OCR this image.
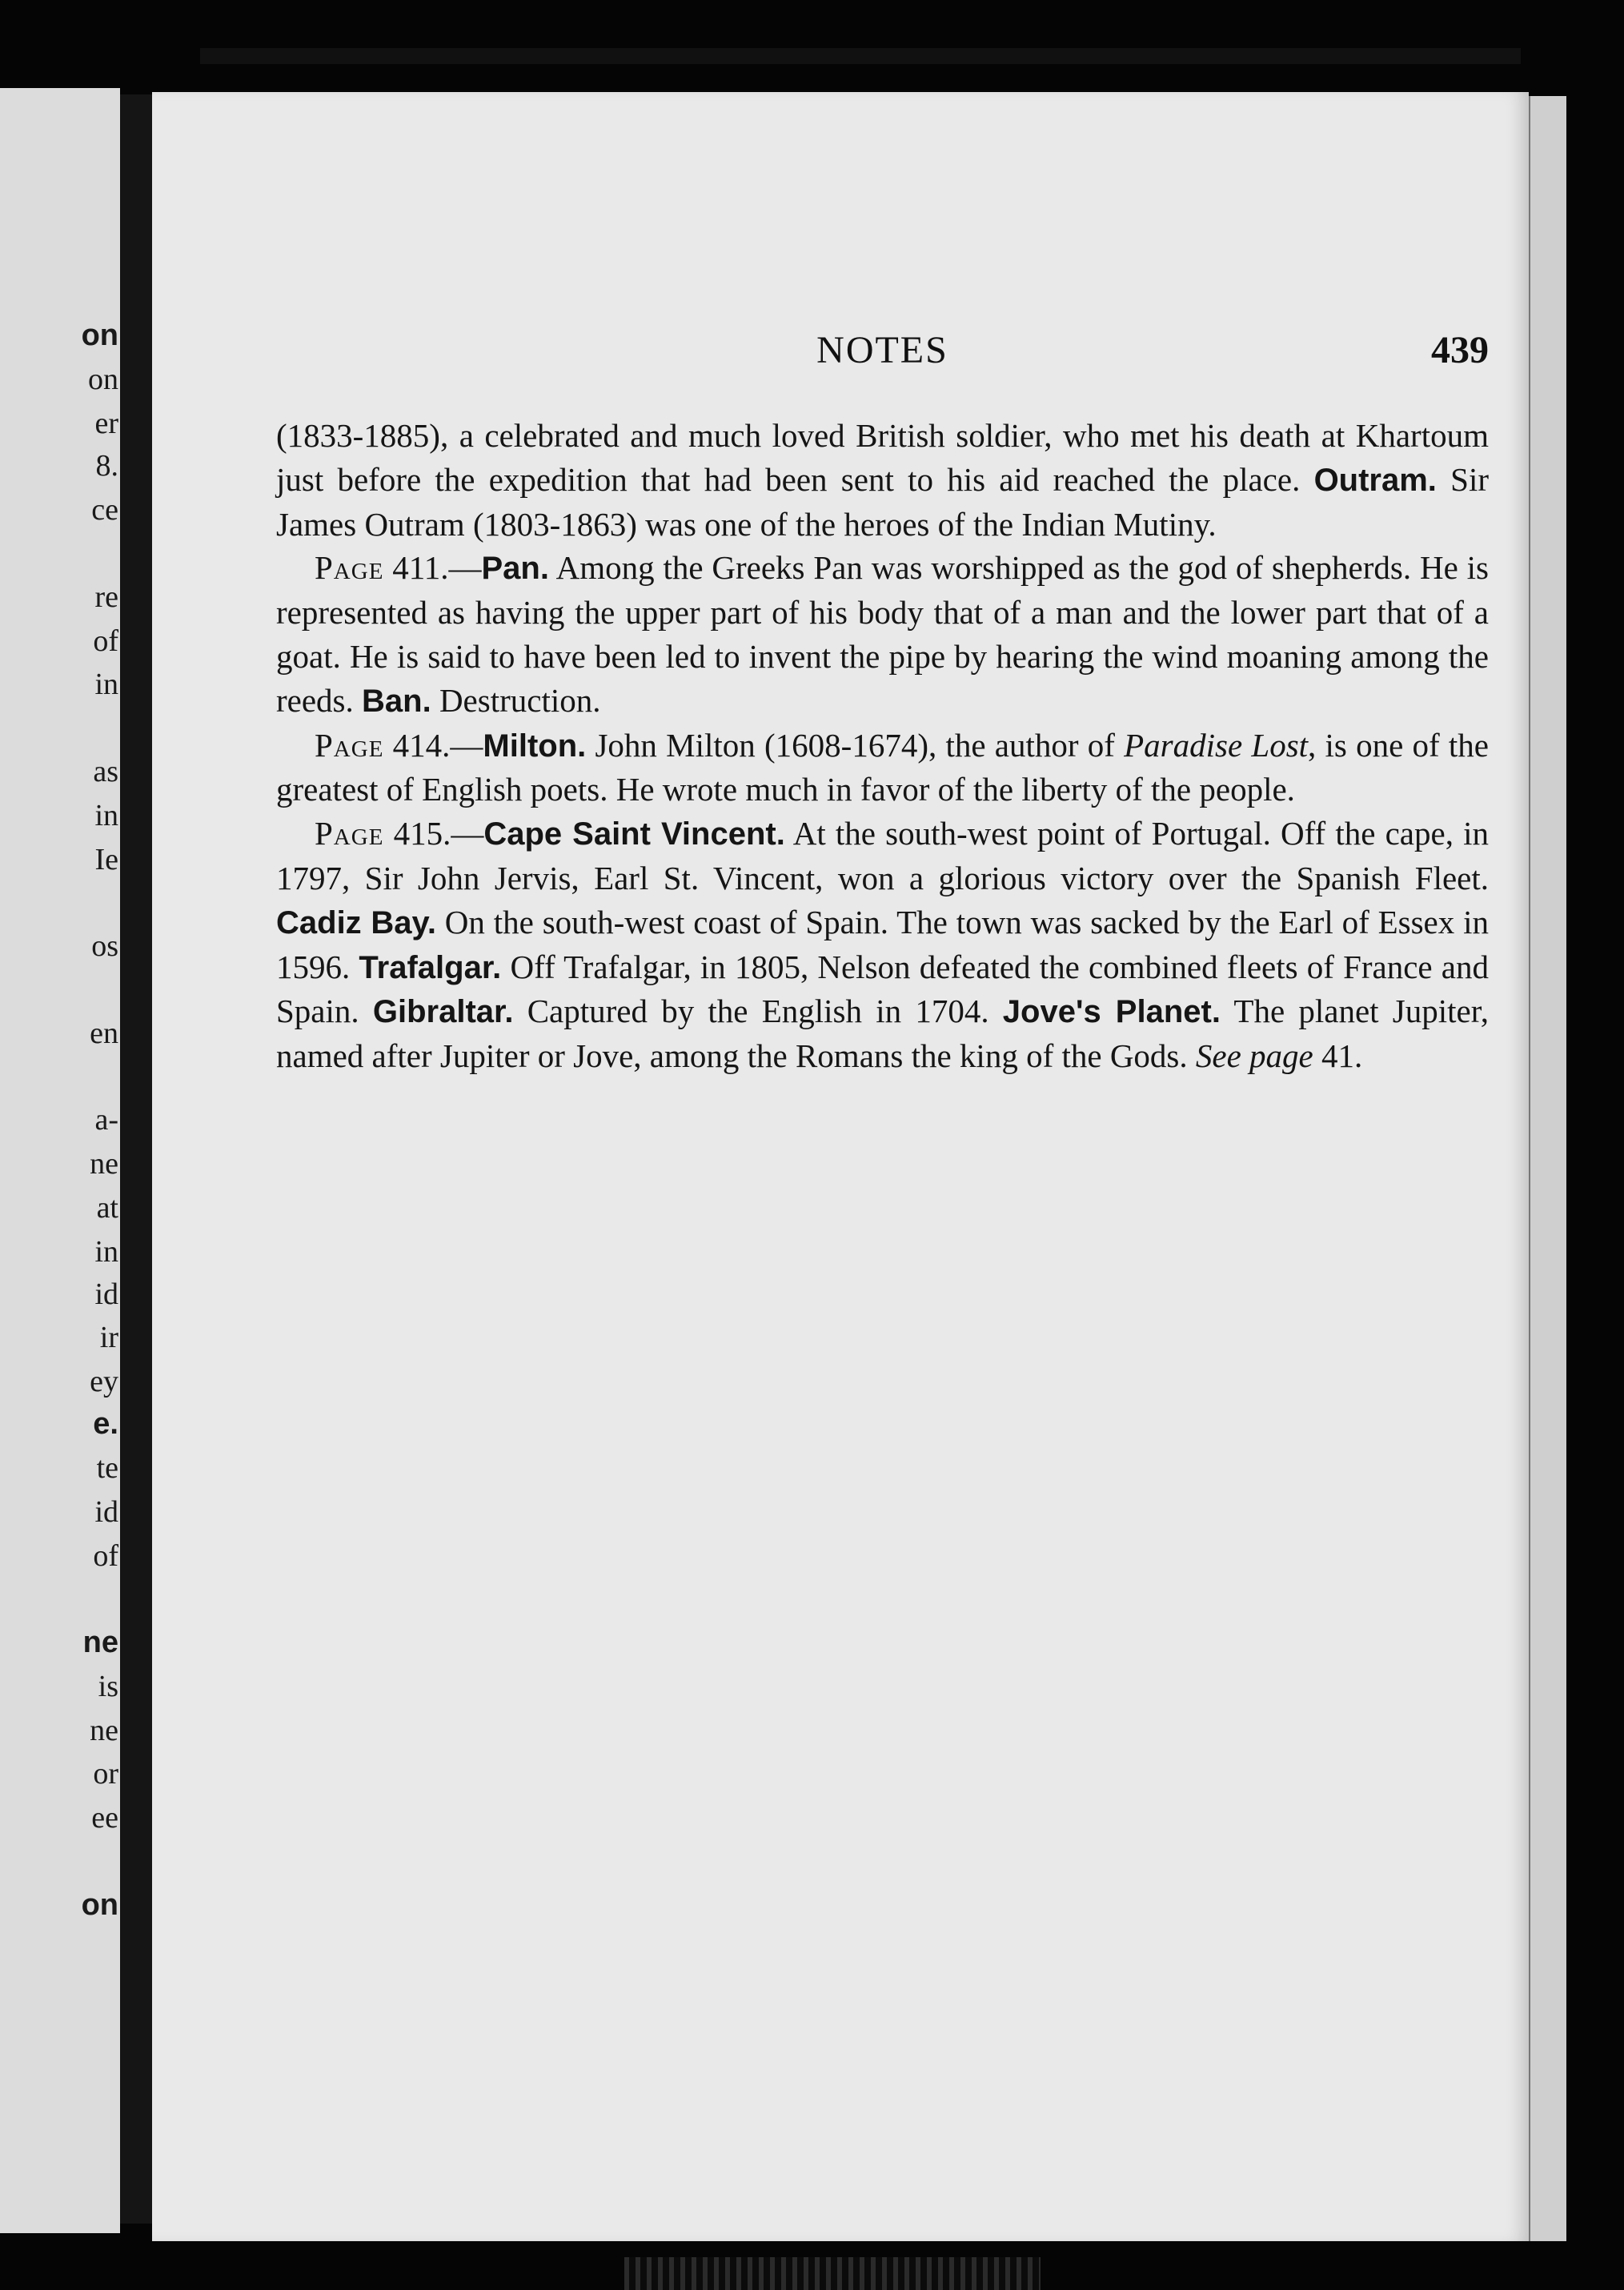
on
on
er
8.
ce
re
of
in
as
in
Ie
os
en
a-
ne
at
in
id
ir
ey
e.
te
id
of
ne
is
ne
or
ee
on
NOTES	439

(1833-1885), a celebrated and much loved British soldier, who met his death at Khartoum just before the expedition that had been sent to his aid reached the place. Outram. Sir James Outram (1803-1863) was one of the heroes of the Indian Mutiny.

Page 411.—Pan. Among the Greeks Pan was worshipped as the god of shepherds. He is represented as having the upper part of his body that of a man and the lower part that of a goat. He is said to have been led to invent the pipe by hearing the wind moaning among the reeds. Ban. Destruction.

Page 414.—Milton. John Milton (1608-1674), the author of Paradise Lost, is one of the greatest of English poets. He wrote much in favor of the liberty of the people.

Page 415.—Cape Saint Vincent. At the south-west point of Portugal. Off the cape, in 1797, Sir John Jervis, Earl St. Vincent, won a glorious victory over the Spanish Fleet. Cadiz Bay. On the south-west coast of Spain. The town was sacked by the Earl of Essex in 1596. Trafalgar. Off Trafalgar, in 1805, Nelson defeated the combined fleets of France and Spain. Gibraltar. Captured by the English in 1704. Jove's Planet. The planet Jupiter, named after Jupiter or Jove, among the Romans the king of the Gods. See page 41.
